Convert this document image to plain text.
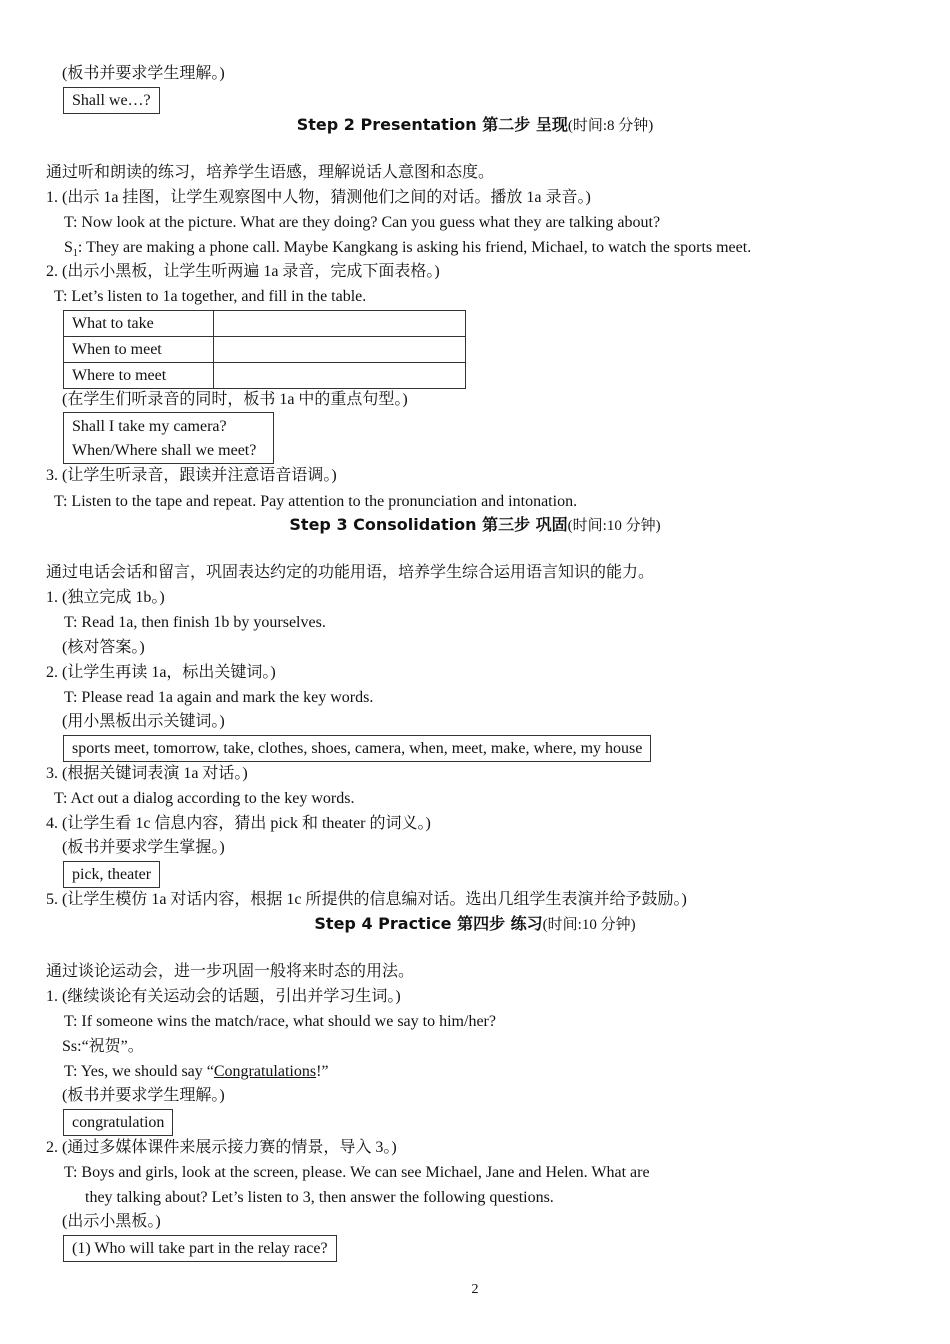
(板书并要求学生理解。)
Shall we…?
Step 2 Presentation 第二步 呈现(时间:8 分钟)
通过听和朗读的练习，培养学生语感，理解说话人意图和态度。
1. (出示 1a 挂图，让学生观察图中人物，猜测他们之间的对话。播放 1a 录音。)
T: Now look at the picture. What are they doing? Can you guess what they are talking about?
$S_1$: They are making a phone call. Maybe Kangkang is asking his friend, Michael, to watch the sports meet.
2. (出示小黑板，让学生听两遍 1a 录音，完成下面表格。)
T: Let’s listen to 1a together, and fill in the table.
What to take	
When to meet	
Where to meet	
(在学生们听录音的同时，板书 1a 中的重点句型。)
Shall I take my camera?
When/Where shall we meet?
3. (让学生听录音，跟读并注意语音语调。)
T: Listen to the tape and repeat. Pay attention to the pronunciation and intonation.
Step 3 Consolidation 第三步 巩固(时间:10 分钟)
通过电话会话和留言，巩固表达约定的功能用语，培养学生综合运用语言知识的能力。
1. (独立完成 1b。)
T: Read 1a, then finish 1b by yourselves.
(核对答案。)
2. (让学生再读 1a，标出关键词。)
T: Please read 1a again and mark the key words.
(用小黑板出示关键词。)
sports meet, tomorrow, take, clothes, shoes, camera, when, meet, make, where, my house
3. (根据关键词表演 1a 对话。)
T: Act out a dialog according to the key words.
4. (让学生看 1c 信息内容，猜出 pick 和 theater 的词义。)
(板书并要求学生掌握。)
pick, theater
5. (让学生模仿 1a 对话内容，根据 1c 所提供的信息编对话。选出几组学生表演并给予鼓励。)
Step 4 Practice 第四步 练习(时间:10 分钟)
通过谈论运动会，进一步巩固一般将来时态的用法。
1. (继续谈论有关运动会的话题，引出并学习生词。)
T: If someone wins the match/race, what should we say to him/her?
Ss:“祝贺”。
T: Yes, we should say “Congratulations!”
(板书并要求学生理解。)
congratulation
2. (通过多媒体课件来展示接力赛的情景，导入 3。)
T: Boys and girls, look at the screen, please. We can see Michael, Jane and Helen. What are
they talking about? Let’s listen to 3, then answer the following questions.
(出示小黑板。)
(1) Who will take part in the relay race?
2
